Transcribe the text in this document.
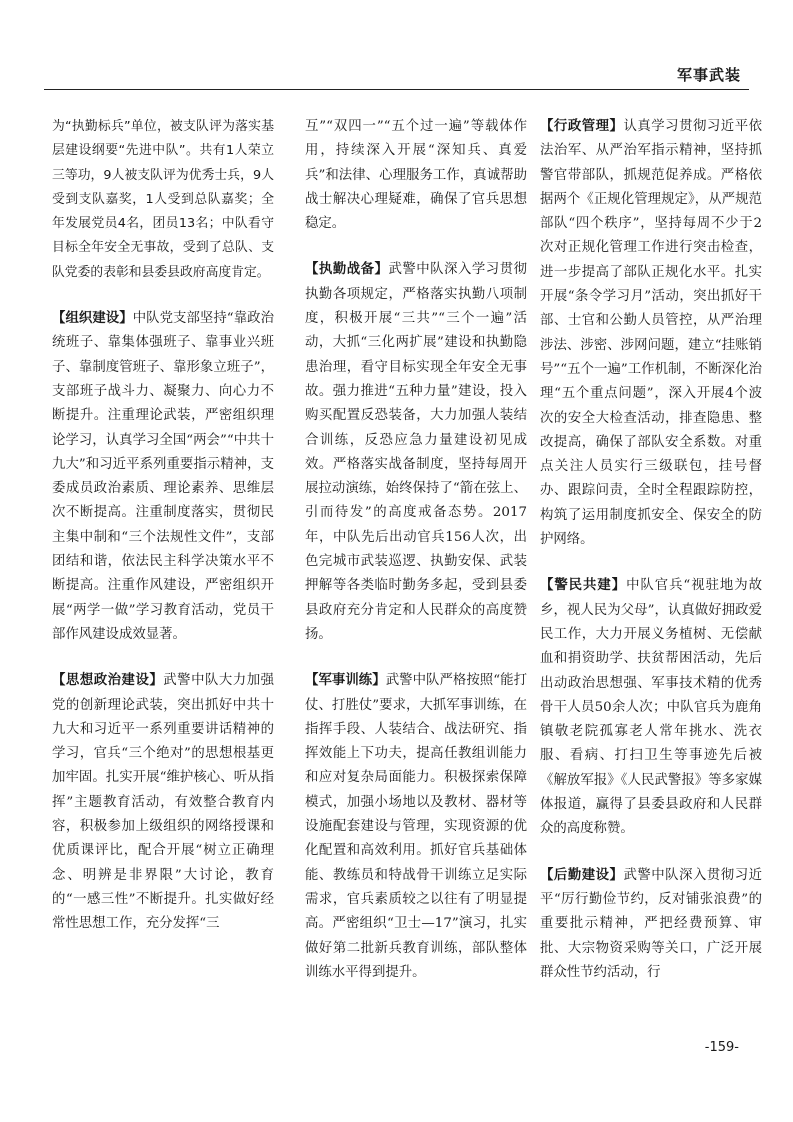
军事武装

为“执勤标兵”单位，被支队评为落实基层建设纲要“先进中队”。共有1人荣立三等功，9人被支队评为优秀士兵，9人受到支队嘉奖，1人受到总队嘉奖；全年发展党员4名，团员13名；中队看守目标全年安全无事故，受到了总队、支队党委的表彰和县委县政府高度肯定。

【组织建设】中队党支部坚持“靠政治统班子、靠集体强班子、靠事业兴班子、靠制度管班子、靠形象立班子”，支部班子战斗力、凝聚力、向心力不断提升。注重理论武装，严密组织理论学习，认真学习全国“两会”“中共十九大”和习近平系列重要指示精神，支委成员政治素质、理论素养、思维层次不断提高。注重制度落实，贯彻民主集中制和“三个法规性文件”，支部团结和谐，依法民主科学决策水平不断提高。注重作风建设，严密组织开展“两学一做”学习教育活动，党员干部作风建设成效显著。

【思想政治建设】武警中队大力加强党的创新理论武装，突出抓好中共十九大和习近平一系列重要讲话精神的学习，官兵“三个绝对”的思想根基更加牢固。扎实开展“维护核心、听从指挥”主题教育活动，有效整合教育内容，积极参加上级组织的网络授课和优质课评比，配合开展“树立正确理念、明辨是非界限”大讨论，教育的“一感三性”不断提升。扎实做好经常性思想工作，充分发挥“三

互”“双四一”“五个过一遍”等载体作用，持续深入开展“深知兵、真爱兵”和法律、心理服务工作，真诚帮助战士解决心理疑难，确保了官兵思想稳定。

【执勤战备】武警中队深入学习贯彻执勤各项规定，严格落实执勤八项制度，积极开展“三共”“三个一遍”活动，大抓“三化两扩展”建设和执勤隐患治理，看守目标实现全年安全无事故。强力推进“五种力量”建设，投入购买配置反恐装备，大力加强人装结合训练，反恐应急力量建设初见成效。严格落实战备制度，坚持每周开展拉动演练，始终保持了“箭在弦上、引而待发”的高度戒备态势。2017年，中队先后出动官兵156人次，出色完城市武装巡逻、执勤安保、武装押解等各类临时勤务多起，受到县委县政府充分肯定和人民群众的高度赞扬。

【军事训练】武警中队严格按照“能打仗、打胜仗”要求，大抓军事训练，在指挥手段、人装结合、战法研究、指挥效能上下功夫，提高任教组训能力和应对复杂局面能力。积极探索保障模式，加强小场地以及教材、器材等设施配套建设与管理，实现资源的优化配置和高效利用。抓好官兵基础体能、教练员和特战骨干训练立足实际需求，官兵素质较之以往有了明显提高。严密组织“卫士—17”演习，扎实做好第二批新兵教育训练，部队整体训练水平得到提升。

【行政管理】认真学习贯彻习近平依法治军、从严治军指示精神，坚持抓警官带部队，抓规范促养成。严格依据两个《正规化管理规定》，从严规范部队“四个秩序”，坚持每周不少于2次对正规化管理工作进行突击检查，进一步提高了部队正规化水平。扎实开展“条令学习月”活动，突出抓好干部、士官和公勤人员管控，从严治理涉法、涉密、涉网问题，建立“挂账销号”“五个一遍”工作机制，不断深化治理“五个重点问题”，深入开展4个波次的安全大检查活动，排查隐患、整改提高，确保了部队安全系数。对重点关注人员实行三级联包，挂号督办、跟踪问责，全时全程跟踪防控，构筑了运用制度抓安全、保安全的防护网络。

【警民共建】中队官兵“视驻地为故乡，视人民为父母”，认真做好拥政爱民工作，大力开展义务植树、无偿献血和捐资助学、扶贫帮困活动，先后出动政治思想强、军事技术精的优秀骨干人员50余人次；中队官兵为鹿角镇敬老院孤寡老人常年挑水、洗衣服、看病、打扫卫生等事迹先后被《解放军报》《人民武警报》等多家媒体报道，赢得了县委县政府和人民群众的高度称赞。

【后勤建设】武警中队深入贯彻习近平“厉行勤俭节约，反对铺张浪费”的重要批示精神，严把经费预算、审批、大宗物资采购等关口，广泛开展群众性节约活动，行

-159-
